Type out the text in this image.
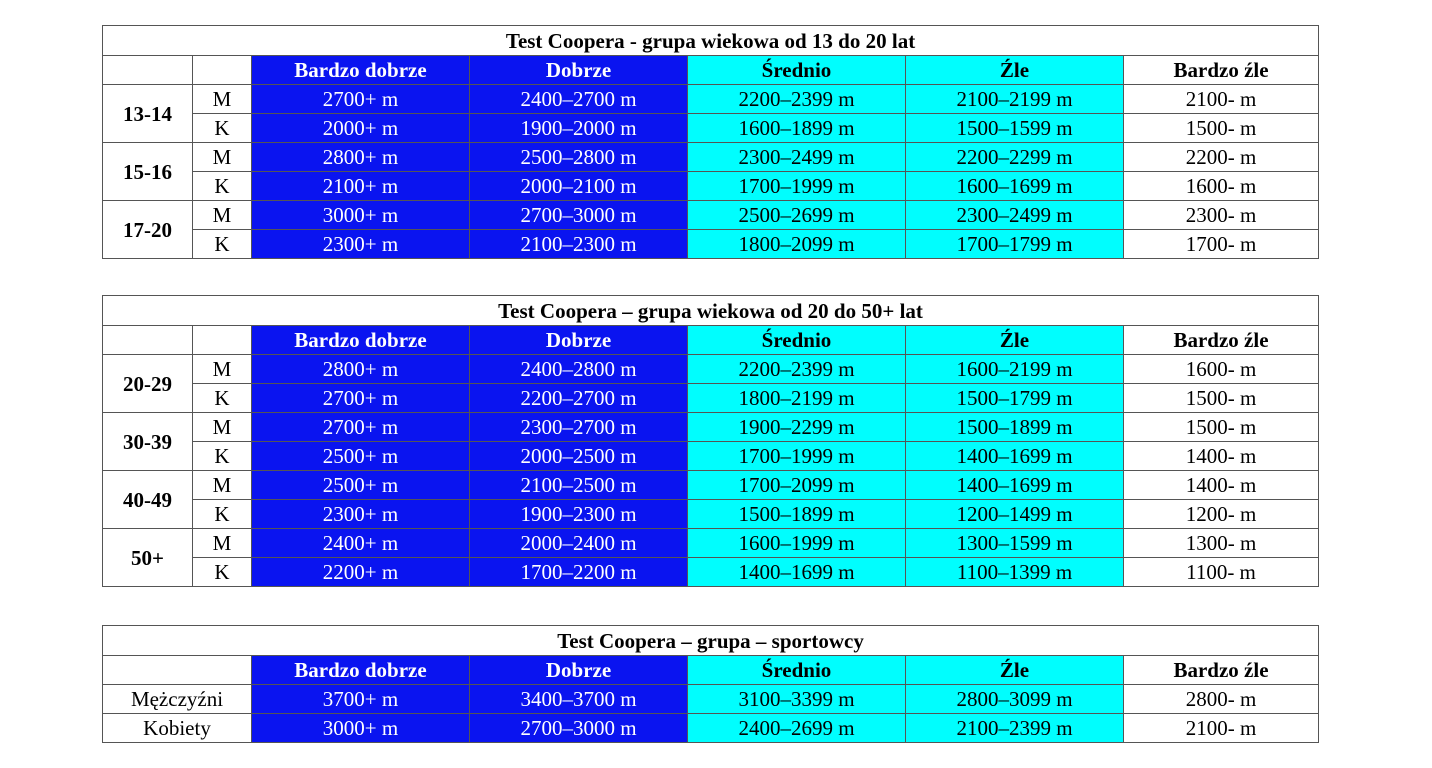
Test Coopera - grupa wiekowa od 13 do 20 lat						
		Bardzo dobrze	Dobrze	Średnio	Źle	Bardzo źle
13-14	M	2700+ m	2400–2700 m	2200–2399 m	2100–2199 m	2100- m
	K	2000+ m	1900–2000 m	1600–1899 m	1500–1599 m	1500- m
15-16	M	2800+ m	2500–2800 m	2300–2499 m	2200–2299 m	2200- m
	K	2100+ m	2000–2100 m	1700–1999 m	1600–1699 m	1600- m
17-20	M	3000+ m	2700–3000 m	2500–2699 m	2300–2499 m	2300- m
	K	2300+ m	2100–2300 m	1800–2099 m	1700–1799 m	1700- m
Test Coopera – grupa wiekowa od 20 do 50+ lat						
		Bardzo dobrze	Dobrze	Średnio	Źle	Bardzo źle
20-29	M	2800+ m	2400–2800 m	2200–2399 m	1600–2199 m	1600- m
	K	2700+ m	2200–2700 m	1800–2199 m	1500–1799 m	1500- m
30-39	M	2700+ m	2300–2700 m	1900–2299 m	1500–1899 m	1500- m
	K	2500+ m	2000–2500 m	1700–1999 m	1400–1699 m	1400- m
40-49	M	2500+ m	2100–2500 m	1700–2099 m	1400–1699 m	1400- m
	K	2300+ m	1900–2300 m	1500–1899 m	1200–1499 m	1200- m
50+	M	2400+ m	2000–2400 m	1600–1999 m	1300–1599 m	1300- m
	K	2200+ m	1700–2200 m	1400–1699 m	1100–1399 m	1100- m
Test Coopera – grupa – sportowcy					
	Bardzo dobrze	Dobrze	Średnio	Źle	Bardzo źle
Mężczyźni	3700+ m	3400–3700 m	3100–3399 m	2800–3099 m	2800- m
Kobiety	3000+ m	2700–3000 m	2400–2699 m	2100–2399 m	2100- m
